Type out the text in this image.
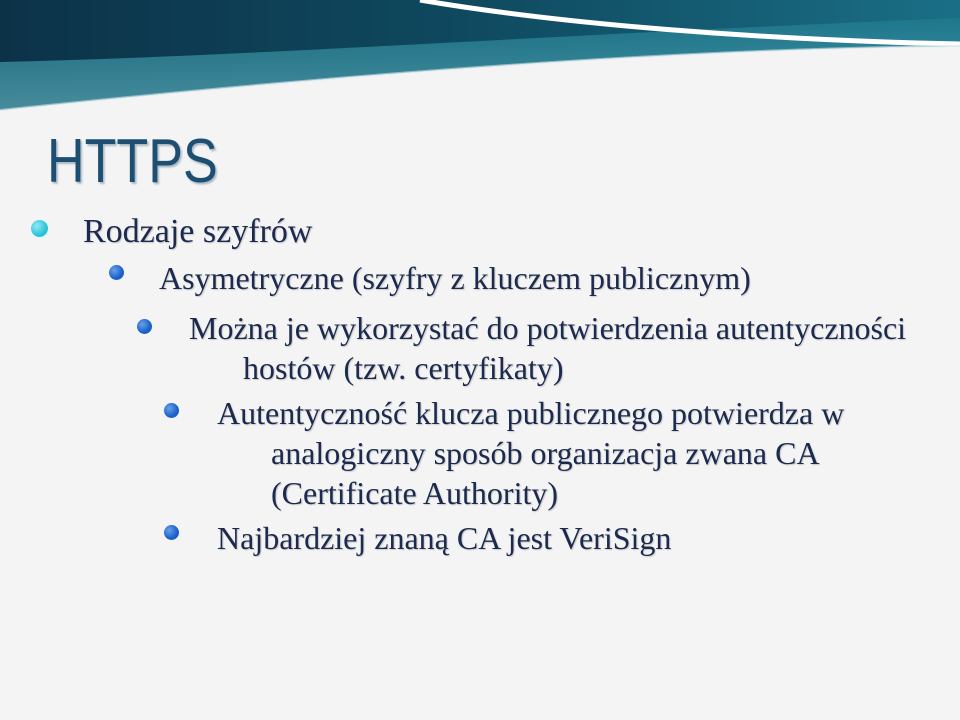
HTTPS
Rodzaje szyfrów
Asymetryczne (szyfry z kluczem publicznym)
Można je wykorzystać do potwierdzenia autentyczności
hostów (tzw. certyfikaty)
Autentyczność klucza publicznego potwierdza w
analogiczny sposób organizacja zwana CA
(Certificate Authority)
Najbardziej znaną CA jest VeriSign
